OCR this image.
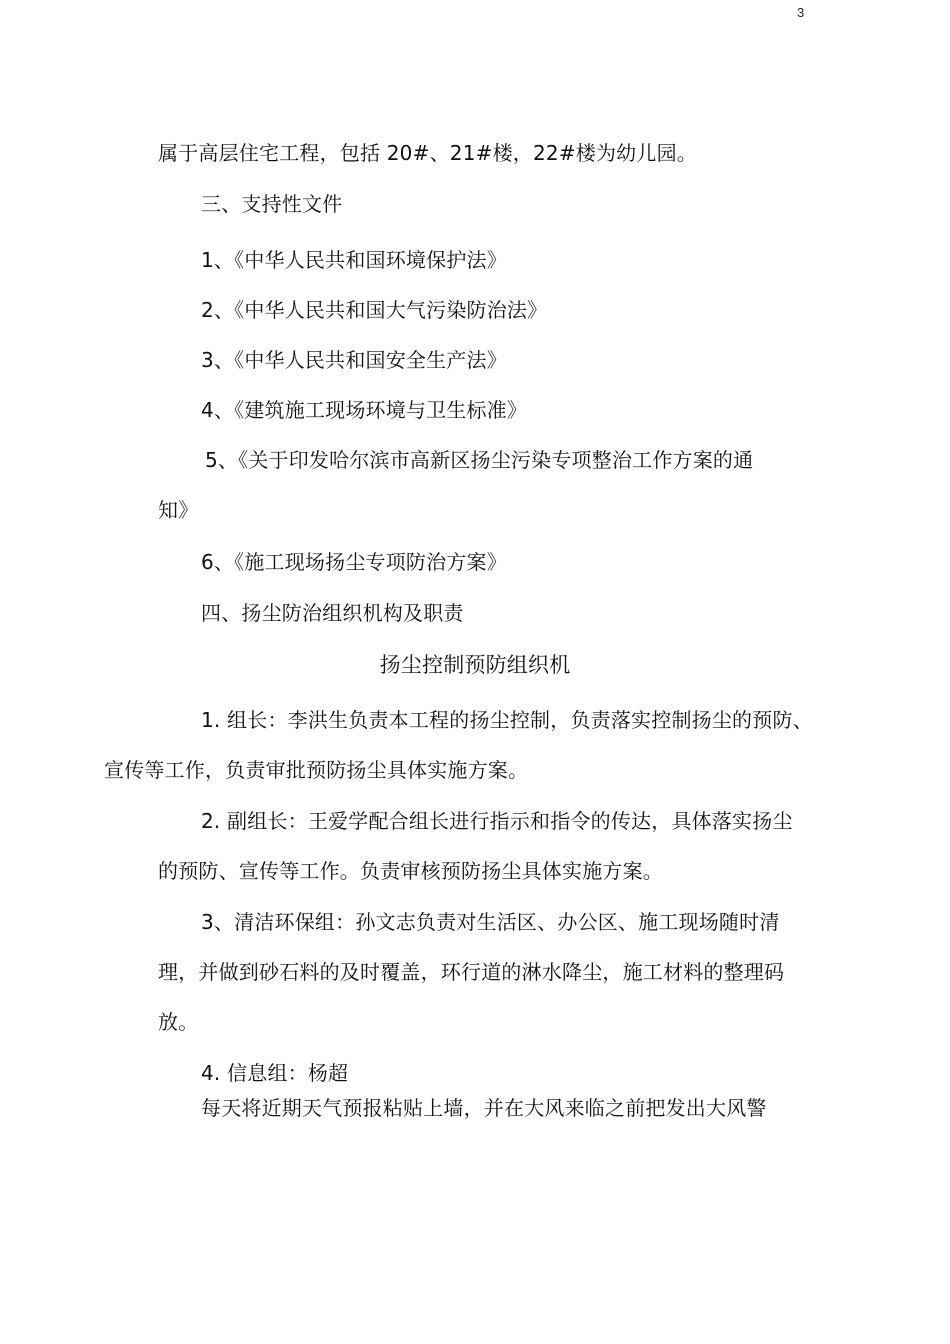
3
属于高层住宅工程，包括 20#、21#楼，22#楼为幼儿园。
三、支持性文件
1、《中华人民共和国环境保护法》
2、《中华人民共和国大气污染防治法》
3、《中华人民共和国安全生产法》
4、《建筑施工现场环境与卫生标准》
5、《关于印发哈尔滨市高新区扬尘污染专项整治工作方案的通
知》
6、《施工现场扬尘专项防治方案》
四、扬尘防治组织机构及职责
扬尘控制预防组织机
1. 组长：李洪生负责本工程的扬尘控制，负责落实控制扬尘的预防、
宣传等工作，负责审批预防扬尘具体实施方案。
2. 副组长：王爱学配合组长进行指示和指令的传达，具体落实扬尘
的预防、宣传等工作。负责审核预防扬尘具体实施方案。
3、清洁环保组：孙文志负责对生活区、办公区、施工现场随时清
理，并做到砂石料的及时覆盖，环行道的淋水降尘，施工材料的整理码
放。
4. 信息组：杨超
每天将近期天气预报粘贴上墙，并在大风来临之前把发出大风警
